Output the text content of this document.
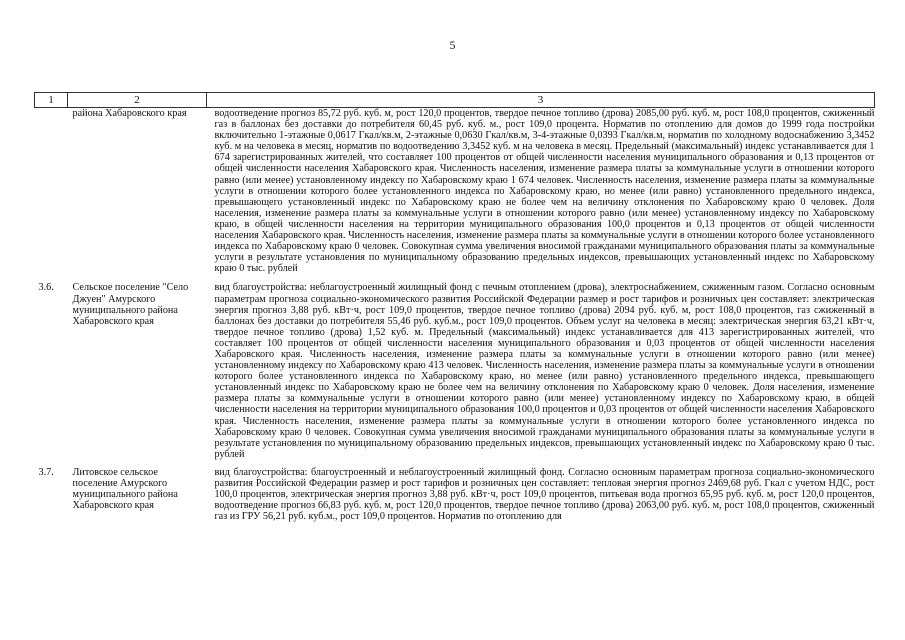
5
1	2	3
	района Хабаровского края	водоотведение прогноз 85,72 руб. куб. м, рост 120,0 процентов, твердое печное топливо (дрова) 2085,00 руб. куб. м, рост 108,0 процентов, сжиженный газ в баллонах без доставки до потребителя 60,45 руб. куб. м., рост 109,0 процента. Норматив по отоплению для домов до 1999 года постройки включительно 1-этажные 0,0617 Гкал/кв.м, 2-этажные 0,0630 Гкал/кв.м, 3-4-этажные 0,0393 Гкал/кв.м, норматив по холодному водоснабжению 3,3452 куб. м на человека в месяц, норматив по водоотведению 3,3452 куб. м на человека в месяц. Предельный (максимальный) индекс устанавливается для 1 674 зарегистрированных жителей, что составляет 100 процентов от общей численности населения муниципального образования и 0,13 процентов от общей численности населения Хабаровского края. Численность населения, изменение размера платы за коммунальные услуги в отношении которого равно (или менее) установленному индексу по Хабаровскому краю 1 674 человек. Численность населения, изменение размера платы за коммунальные услуги в отношении которого более установленного индекса по Хабаровскому краю, но менее (или равно) установленного предельного индекса, превышающего установленный индекс по Хабаровскому краю не более чем на величину отклонения по Хабаровскому краю 0 человек. Доля населения, изменение размера платы за коммунальные услуги в отношении которого равно (или менее) установленному индексу по Хабаровскому краю, в общей численности населения на территории муниципального образования 100,0 процентов и 0,13 процентов от общей численности населения Хабаровского края. Численность населения, изменение размера платы за коммунальные услуги в отношении которого более установленного индекса по Хабаровскому краю 0 человек. Совокупная сумма увеличения вносимой гражданами муниципального образования платы за коммунальные услуги в результате установления по муниципальному образованию предельных индексов, превышающих установленный индекс по Хабаровскому краю 0 тыс. рублей
3.6.	Сельское поселение "Село Джуен" Амурского муниципального района Хабаровского края	вид благоустройства: неблагоустроенный жилищный фонд с печным отоплением (дрова), электроснабжением, сжиженным газом. Согласно основным параметрам прогноза социально-экономического развития Российской Федерации размер и рост тарифов и розничных цен составляет: электрическая энергия прогноз 3,88 руб. кВт·ч, рост 109,0 процентов, твердое печное топливо (дрова) 2094 руб. куб. м, рост 108,0 процентов, газ сжиженный в баллонах без доставки до потребителя 55,46 руб. куб.м., рост 109,0 процентов. Объем услуг на человека в месяц: электрическая энергия 63,21 кВт·ч, твердое печное топливо (дрова) 1,52 куб. м. Предельный (максимальный) индекс устанавливается для 413 зарегистрированных жителей, что составляет 100 процентов от общей численности населения муниципального образования и 0,03 процентов от общей численности населения Хабаровского края. Численность населения, изменение размера платы за коммунальные услуги в отношении которого равно (или менее) установленному индексу по Хабаровскому краю 413 человек. Численность населения, изменение размера платы за коммунальные услуги в отношении которого более установленного индекса по Хабаровскому краю, но менее (или равно) установленного предельного индекса, превышающего установленный индекс по Хабаровскому краю не более чем на величину отклонения по Хабаровскому краю 0 человек. Доля населения, изменение размера платы за коммунальные услуги в отношении которого равно (или менее) установленному индексу по Хабаровскому краю, в общей численности населения на территории муниципального образования 100,0 процентов и 0,03 процентов от общей численности населения Хабаровского края. Численность населения, изменение размера платы за коммунальные услуги в отношении которого более установленного индекса по Хабаровскому краю 0 человек. Совокупная сумма увеличения вносимой гражданами муниципального образования платы за коммунальные услуги в результате установления по муниципальному образованию предельных индексов, превышающих установленный индекс по Хабаровскому краю 0 тыс. рублей
3.7.	Литовское сельское поселение Амурского муниципального района Хабаровского края	вид благоустройства: благоустроенный и неблагоустроенный жилищный фонд. Согласно основным параметрам прогноза социально-экономического развития Российской Федерации размер и рост тарифов и розничных цен составляет: тепловая энергия прогноз 2469,68 руб. Гкал с учетом НДС, рост 100,0 процентов, электрическая энергия прогноз 3,88 руб. кВт·ч, рост 109,0 процентов, питьевая вода прогноз 65,95 руб. куб. м, рост 120,0 процентов, водоотведение прогноз 66,83 руб. куб. м, рост 120,0 процентов, твердое печное топливо (дрова) 2063,00 руб. куб. м, рост 108,0 процентов, сжиженный газ из ГРУ 56,21 руб. куб.м., рост 109,0 процентов. Норматив по отоплению для
